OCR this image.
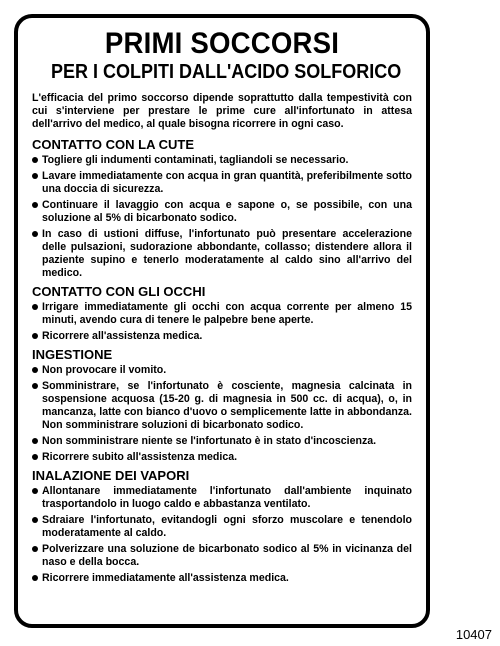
PRIMI SOCCORSI
PER I COLPITI DALL'ACIDO SOLFORICO
L'efficacia del primo soccorso dipende soprattutto dalla tempestività con cui s'interviene per prestare le prime cure all'infortunato in attesa dell'arrivo del medico, al quale bisogna ricorrere in ogni caso.
CONTATTO CON LA CUTE
Togliere gli indumenti contaminati, tagliandoli se necessario.
Lavare immediatamente con acqua in gran quantità, preferibilmente sotto una doccia di sicurezza.
Continuare il lavaggio con acqua e sapone o, se possibile, con una soluzione al 5% di bicarbonato sodico.
In caso di ustioni diffuse, l'infortunato può presentare accelerazione delle pulsazioni, sudorazione abbondante, collasso; distendere allora il paziente supino e tenerlo moderatamente al caldo sino all'arrivo del medico.
CONTATTO CON GLI OCCHI
Irrigare immediatamente gli occhi con acqua corrente per almeno 15 minuti, avendo cura di tenere le palpebre bene aperte.
Ricorrere all'assistenza medica.
INGESTIONE
Non provocare il vomito.
Somministrare, se l'infortunato è cosciente, magnesia calcinata in sospensione acquosa (15-20 g. di magnesia in 500 cc. di acqua), o, in mancanza, latte con bianco d'uovo o semplicemente latte in abbondanza. Non somministrare soluzioni di bicarbonato sodico.
Non somministrare niente se l'infortunato è in stato d'incoscienza.
Ricorrere subito all'assistenza medica.
INALAZIONE DEI VAPORI
Allontanare immediatamente l'infortunato dall'ambiente inquinato trasportandolo in luogo caldo e abbastanza ventilato.
Sdraiare l'infortunato, evitandogli ogni sforzo muscolare e tenendolo moderatamente al caldo.
Polverizzare una soluzione de bicarbonato sodico al 5% in vicinanza del naso e della bocca.
Ricorrere immediatamente all'assistenza medica.
10407
